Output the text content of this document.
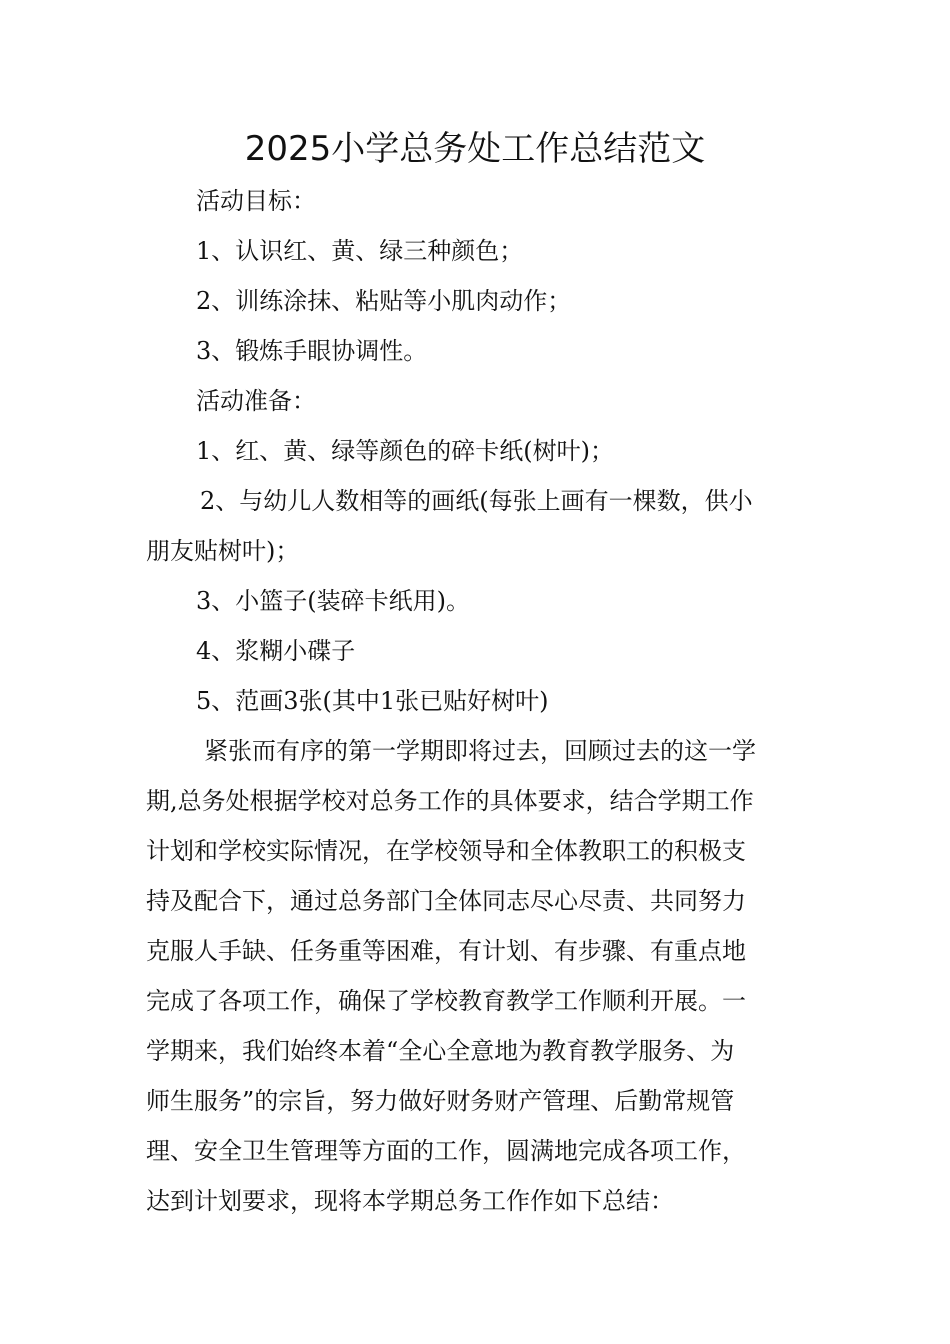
2025小学总务处工作总结范文
活动目标：
1、认识红、黄、绿三种颜色；
2、训练涂抹、粘贴等小肌肉动作；
3、锻炼手眼协调性。
活动准备：
1、红、黄、绿等颜色的碎卡纸(树叶)；
2、与幼儿人数相等的画纸(每张上画有一棵数，供小
朋友贴树叶)；
3、小篮子(装碎卡纸用)。
4、浆糊小碟子
5、范画3张(其中1张已贴好树叶)
紧张而有序的第一学期即将过去，回顾过去的这一学
期,总务处根据学校对总务工作的具体要求，结合学期工作
计划和学校实际情况，在学校领导和全体教职工的积极支
持及配合下，通过总务部门全体同志尽心尽责、共同努力
克服人手缺、任务重等困难，有计划、有步骤、有重点地
完成了各项工作，确保了学校教育教学工作顺利开展。一
学期来，我们始终本着“全心全意地为教育教学服务、为
师生服务”的宗旨，努力做好财务财产管理、后勤常规管
理、安全卫生管理等方面的工作，圆满地完成各项工作，
达到计划要求，现将本学期总务工作作如下总结：
